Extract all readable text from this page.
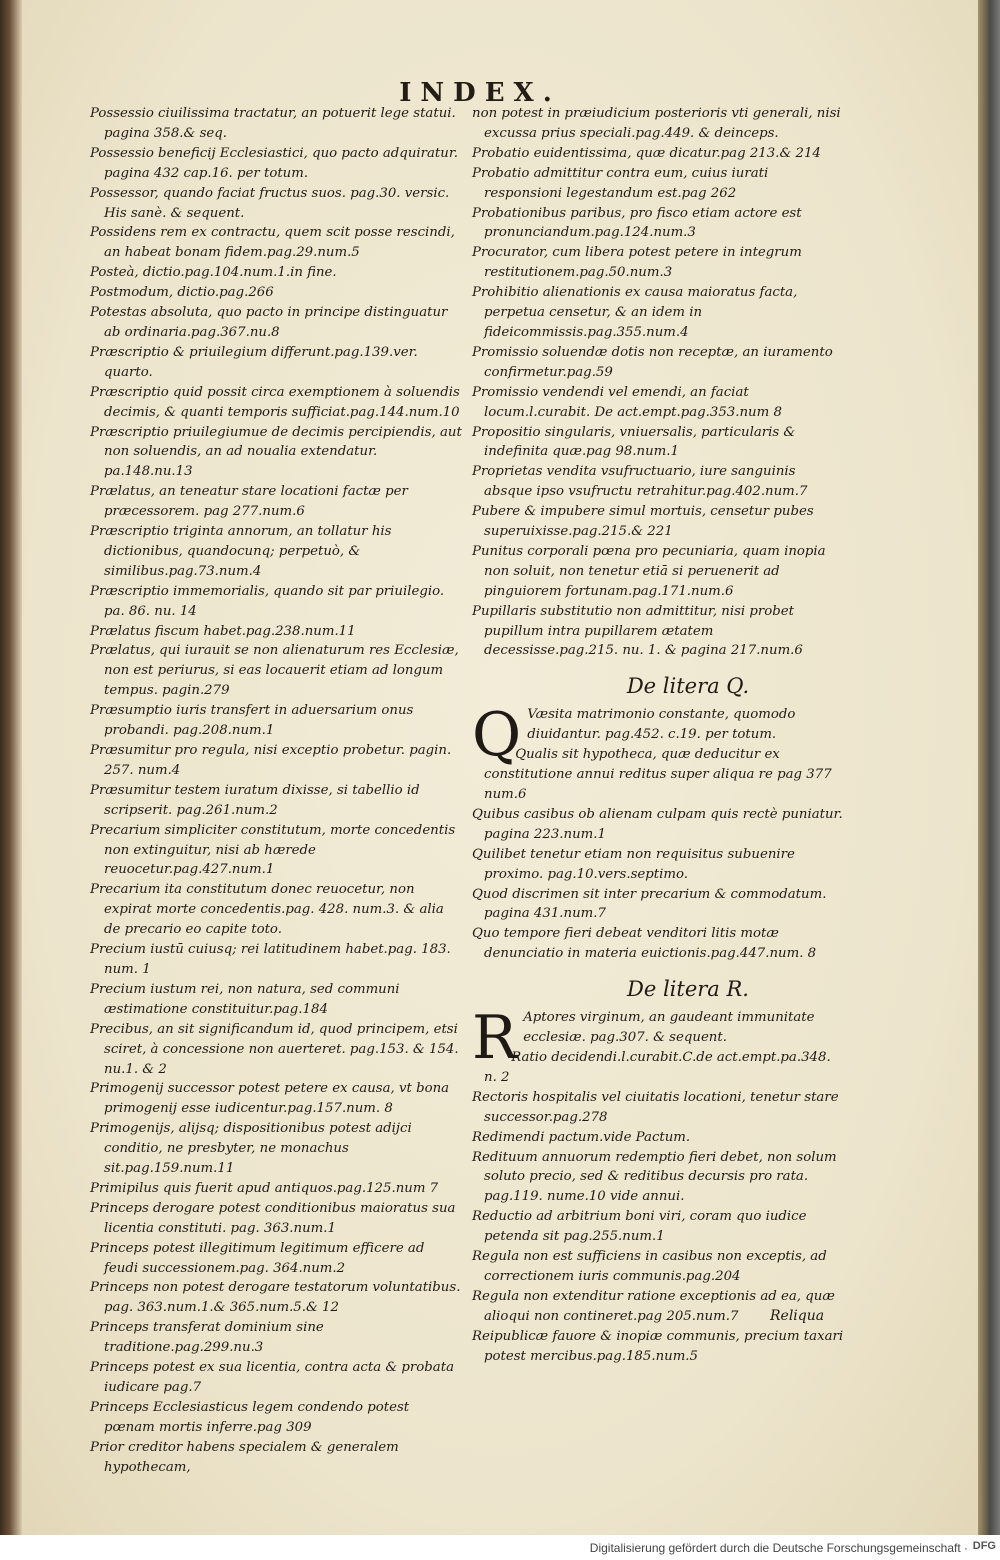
INDEX.

Possessio ciuilissima tractatur, an potuerit lege statui. pagina 358.& seq.

Possessio beneficij Ecclesiastici, quo pacto adquiratur. pagina 432 cap.16. per totum.

Possessor, quando faciat fructus suos. pag.30. versic. His sanè. & sequent.

Possidens rem ex contractu, quem scit posse rescindi, an habeat bonam fidem.pag.29.num.5

Posteà, dictio.pag.104.num.1.in fine.

Postmodum, dictio.pag.266

Potestas absoluta, quo pacto in principe distinguatur ab ordinaria.pag.367.nu.8

Præscriptio & priuilegium differunt.pag.139.ver. quarto.

Præscriptio quid possit circa exemptionem à soluendis decimis, & quanti temporis sufficiat.pag.144.num.10

Præscriptio priuilegiumue de decimis percipiendis, aut non soluendis, an ad noualia extendatur. pa.148.nu.13

Prælatus, an teneatur stare locationi factæ per præcessorem. pag 277.num.6

Præscriptio triginta annorum, an tollatur his dictionibus, quandocunq; perpetuò, & similibus.pag.73.num.4

Præscriptio immemorialis, quando sit par priuilegio. pa. 86. nu. 14

Prælatus fiscum habet.pag.238.num.11

Prælatus, qui iurauit se non alienaturum res Ecclesiæ, non est periurus, si eas locauerit etiam ad longum tempus. pagin.279

Præsumptio iuris transfert in aduersarium onus probandi. pag.208.num.1

Præsumitur pro regula, nisi exceptio probetur. pagin. 257. num.4

Præsumitur testem iuratum dixisse, si tabellio id scripserit. pag.261.num.2

Precarium simpliciter constitutum, morte concedentis non extinguitur, nisi ab hærede reuocetur.pag.427.num.1

Precarium ita constitutum donec reuocetur, non expirat morte concedentis.pag. 428. num.3. & alia de precario eo capite toto.

Precium iustū cuiusq; rei latitudinem habet.pag. 183. num. 1

Precium iustum rei, non natura, sed communi æstimatione constituitur.pag.184

Precibus, an sit significandum id, quod principem, etsi sciret, à concessione non auerteret. pag.153. & 154. nu.1. & 2

Primogenij successor potest petere ex causa, vt bona primogenij esse iudicentur.pag.157.num. 8

Primogenijs, alijsq; dispositionibus potest adijci conditio, ne presbyter, ne monachus sit.pag.159.num.11

Primipilus quis fuerit apud antiquos.pag.125.num 7

Princeps derogare potest conditionibus maioratus sua licentia constituti. pag. 363.num.1

Princeps potest illegitimum legitimum efficere ad feudi successionem.pag. 364.num.2

Princeps non potest derogare testatorum voluntatibus. pag. 363.num.1.& 365.num.5.& 12

Princeps transferat dominium sine traditione.pag.299.nu.3

Princeps potest ex sua licentia, contra acta & probata iudicare pag.7

Princeps Ecclesiasticus legem condendo potest pœnam mortis inferre.pag 309

Prior creditor habens specialem & generalem hypothecam,

non potest in præiudicium posterioris vti generali, nisi excussa prius speciali.pag.449. & deinceps.

Probatio euidentissima, quæ dicatur.pag 213.& 214

Probatio admittitur contra eum, cuius iurati responsioni legestandum est.pag 262

Probationibus paribus, pro fisco etiam actore est pronunciandum.pag.124.num.3

Procurator, cum libera potest petere in integrum restitutionem.pag.50.num.3

Prohibitio alienationis ex causa maioratus facta, perpetua censetur, & an idem in fideicommissis.pag.355.num.4

Promissio soluendæ dotis non receptæ, an iuramento confirmetur.pag.59

Promissio vendendi vel emendi, an faciat locum.l.curabit. De act.empt.pag.353.num 8

Propositio singularis, vniuersalis, particularis & indefinita quæ.pag 98.num.1

Proprietas vendita vsufructuario, iure sanguinis absque ipso vsufructu retrahitur.pag.402.num.7

Pubere & impubere simul mortuis, censetur pubes superuixisse.pag.215.& 221

Punitus corporali pœna pro pecuniaria, quam inopia non soluit, non tenetur etiā si peruenerit ad pinguiorem fortunam.pag.171.num.6

Pupillaris substitutio non admittitur, nisi probet pupillum intra pupillarem ætatem decessisse.pag.215. nu. 1. & pagina 217.num.6

De litera Q.
Q Væsita matrimonio constante, quomodo diuidantur. pag.452. c.19. per totum.

Qualis sit hypotheca, quæ deducitur ex constitutione annui reditus super aliqua re pag 377 num.6

Quibus casibus ob alienam culpam quis rectè puniatur. pagina 223.num.1

Quilibet tenetur etiam non requisitus subuenire proximo. pag.10.vers.septimo.

Quod discrimen sit inter precarium & commodatum. pagina 431.num.7

Quo tempore fieri debeat venditori litis motæ denunciatio in materia euictionis.pag.447.num. 8

De litera R.
R Aptores virginum, an gaudeant immunitate ecclesiæ. pag.307. & sequent.

Ratio decidendi.l.curabit.C.de act.empt.pa.348. n. 2

Rectoris hospitalis vel ciuitatis locationi, tenetur stare successor.pag.278

Redimendi pactum.vide Pactum.

Redituum annuorum redemptio fieri debet, non solum soluto precio, sed & reditibus decursis pro rata. pag.119. nume.10 vide annui.

Reductio ad arbitrium boni viri, coram quo iudice petenda sit pag.255.num.1

Regula non est sufficiens in casibus non exceptis, ad correctionem iuris communis.pag.204

Regula non extenditur ratione exceptionis ad ea, quæ alioqui non contineret.pag 205.num.7

Reipublicæ fauore & inopiæ communis, precium taxari potest mercibus.pag.185.num.5

Reliqua
Digitalisierung gefördert durch die Deutsche Forschungsgemeinschaft · DFG
